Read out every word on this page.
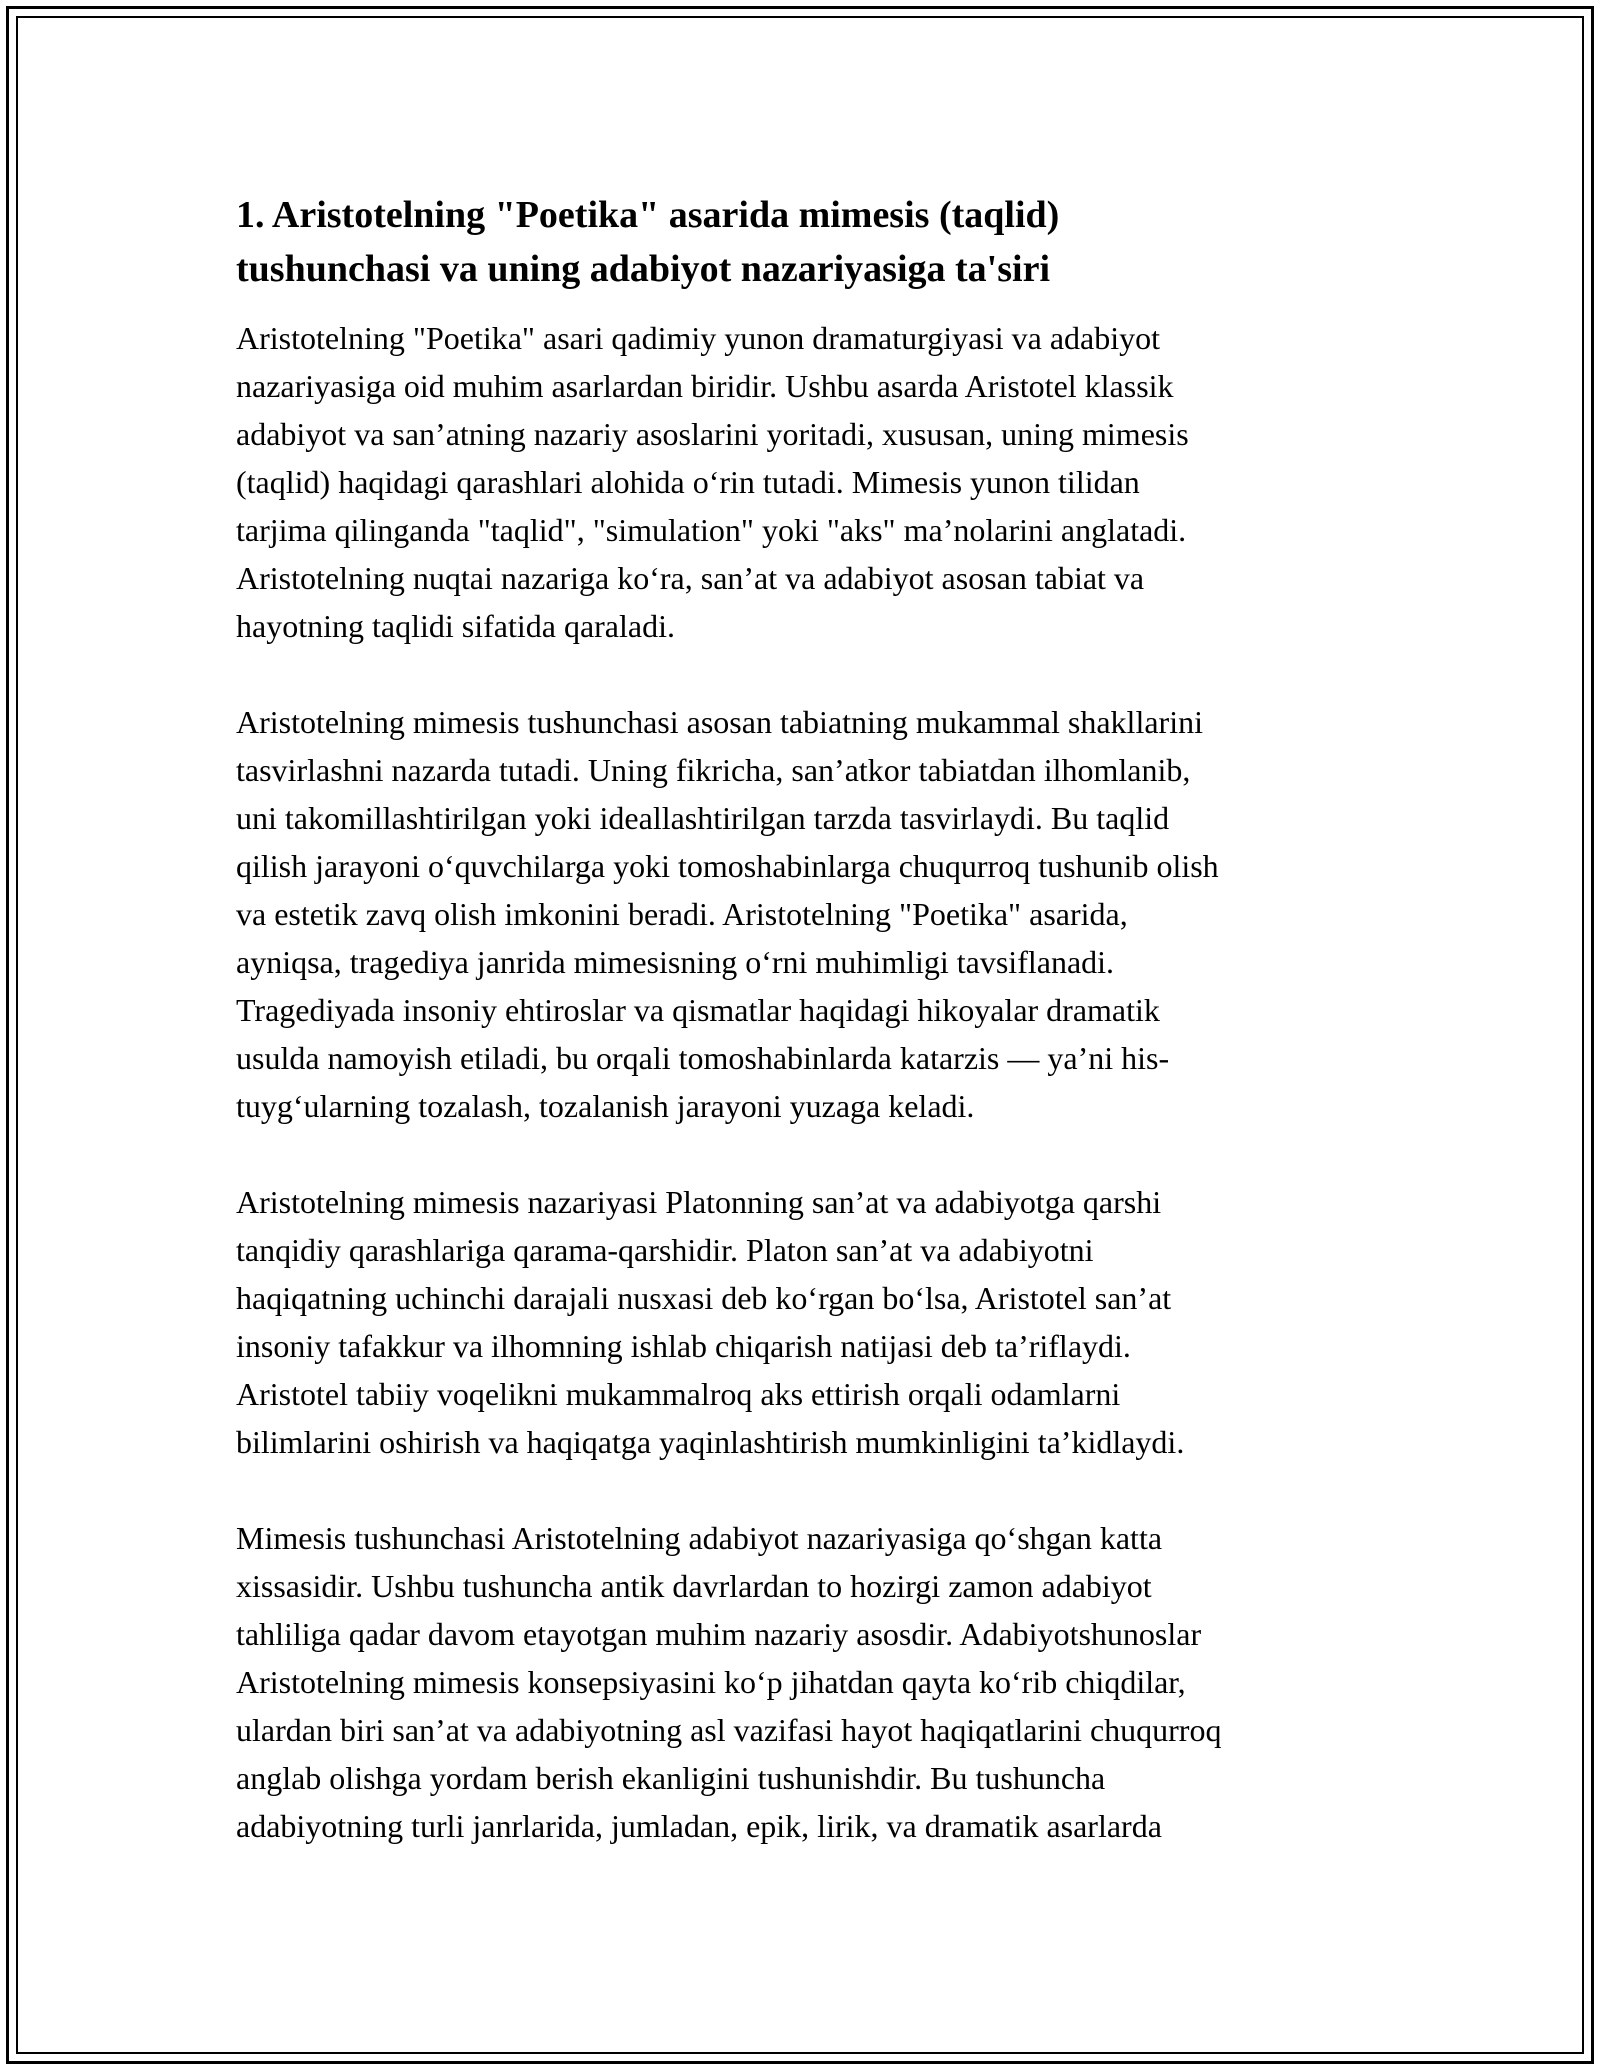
1. Aristotelning "Poetika" asarida mimesis (taqlid)
tushunchasi va uning adabiyot nazariyasiga ta'siri
Aristotelning "Poetika" asari qadimiy yunon dramaturgiyasi va adabiyot
nazariyasiga oid muhim asarlardan biridir. Ushbu asarda Aristotel klassik
adabiyot va san’atning nazariy asoslarini yoritadi, xususan, uning mimesis
(taqlid) haqidagi qarashlari alohida o‘rin tutadi. Mimesis yunon tilidan
tarjima qilinganda "taqlid", "simulation" yoki "aks" ma’nolarini anglatadi.
Aristotelning nuqtai nazariga ko‘ra, san’at va adabiyot asosan tabiat va
hayotning taqlidi sifatida qaraladi.
Aristotelning mimesis tushunchasi asosan tabiatning mukammal shakllarini
tasvirlashni nazarda tutadi. Uning fikricha, san’atkor tabiatdan ilhomlanib,
uni takomillashtirilgan yoki ideallashtirilgan tarzda tasvirlaydi. Bu taqlid
qilish jarayoni o‘quvchilarga yoki tomoshabinlarga chuqurroq tushunib olish
va estetik zavq olish imkonini beradi. Aristotelning "Poetika" asarida,
ayniqsa, tragediya janrida mimesisning o‘rni muhimligi tavsiflanadi.
Tragediyada insoniy ehtiroslar va qismatlar haqidagi hikoyalar dramatik
usulda namoyish etiladi, bu orqali tomoshabinlarda katarzis — ya’ni his-
tuyg‘ularning tozalash, tozalanish jarayoni yuzaga keladi.
Aristotelning mimesis nazariyasi Platonning san’at va adabiyotga qarshi
tanqidiy qarashlariga qarama-qarshidir. Platon san’at va adabiyotni
haqiqatning uchinchi darajali nusxasi deb ko‘rgan bo‘lsa, Aristotel san’at
insoniy tafakkur va ilhomning ishlab chiqarish natijasi deb ta’riflaydi.
Aristotel tabiiy voqelikni mukammalroq aks ettirish orqali odamlarni
bilimlarini oshirish va haqiqatga yaqinlashtirish mumkinligini ta’kidlaydi.
Mimesis tushunchasi Aristotelning adabiyot nazariyasiga qo‘shgan katta
xissasidir. Ushbu tushuncha antik davrlardan to hozirgi zamon adabiyot
tahliliga qadar davom etayotgan muhim nazariy asosdir. Adabiyotshunoslar
Aristotelning mimesis konsepsiyasini ko‘p jihatdan qayta ko‘rib chiqdilar,
ulardan biri san’at va adabiyotning asl vazifasi hayot haqiqatlarini chuqurroq
anglab olishga yordam berish ekanligini tushunishdir. Bu tushuncha
adabiyotning turli janrlarida, jumladan, epik, lirik, va dramatik asarlarda
